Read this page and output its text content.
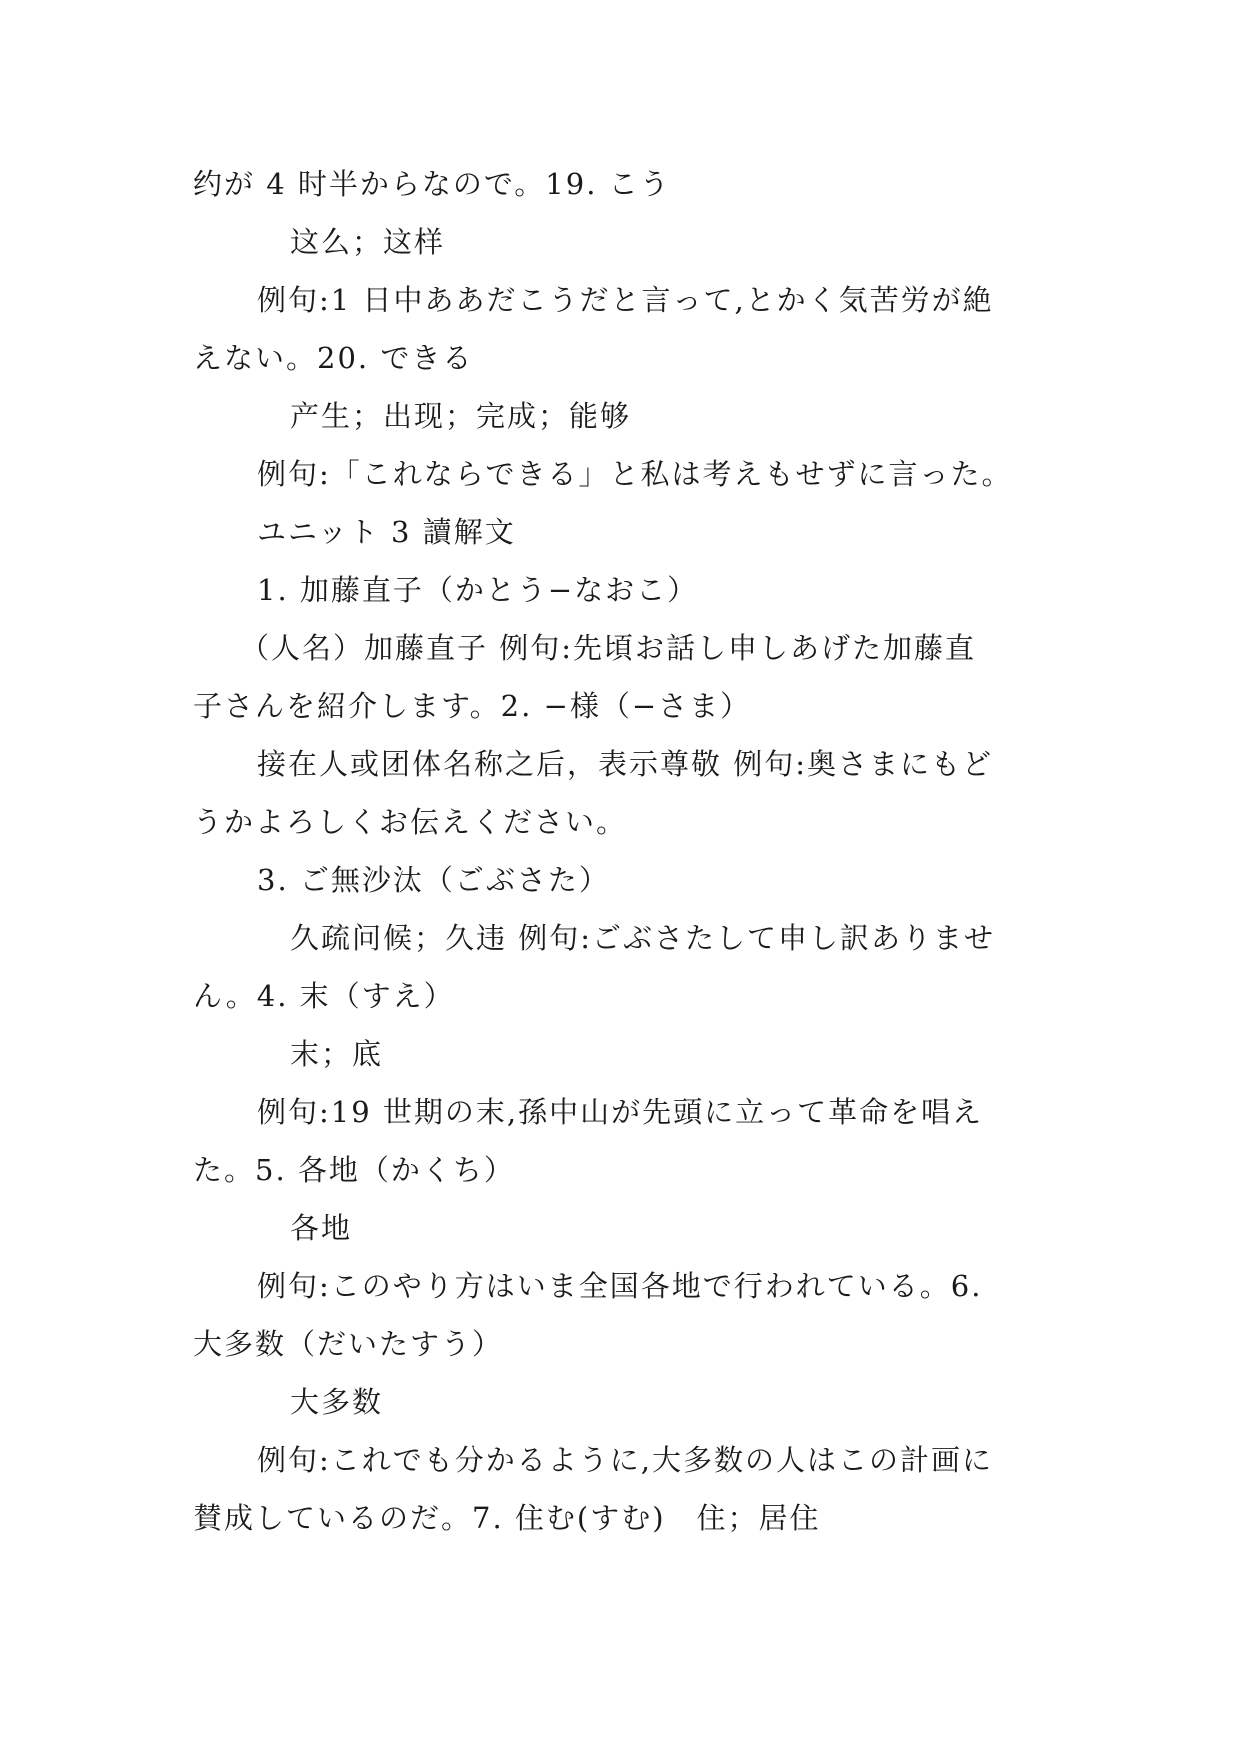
约が 4 时半からなので。19. こう
这么；这样
例句:1 日中ああだこうだと言って,とかく気苦労が絶
えない。20. できる
产生；出现；完成；能够
例句:「これならできる」と私は考えもせずに言った。
ユニット 3 讀解文
1. 加藤直子（かとう−なおこ）
（人名）加藤直子 例句:先頃お話し申しあげた加藤直
子さんを紹介します。2. −様（−さま）
接在人或团体名称之后，表示尊敬 例句:奥さまにもど
うかよろしくお伝えください。
3. ご無沙汰（ごぶさた）
久疏问候；久违 例句:ごぶさたして申し訳ありませ
ん。4. 末（すえ）
末；底
例句:19 世期の末,孫中山が先頭に立って革命を唱え
た。5. 各地（かくち）
各地
例句:このやり方はいま全国各地で行われている。6.
大多数（だいたすう）
大多数
例句:これでも分かるように,大多数の人はこの計画に
賛成しているのだ。7. 住む(すむ)　住；居住
